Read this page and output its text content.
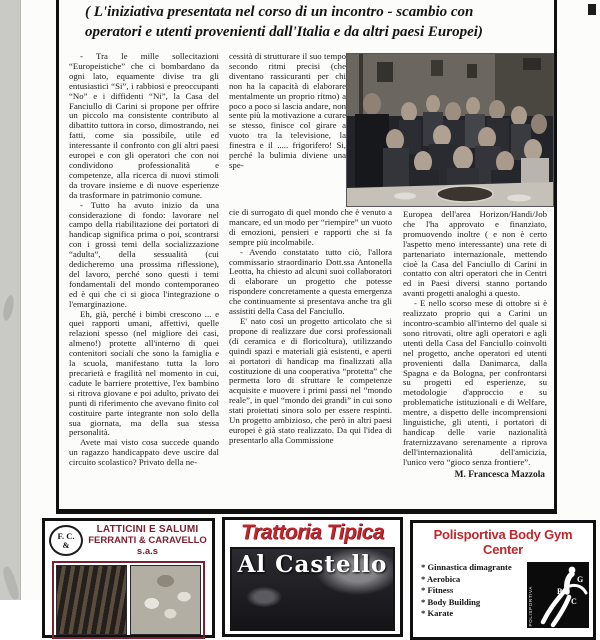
( L'iniziativa presentata nel corso di un incontro - scambio con
operatori e utenti provenienti dall'Italia e da altri paesi Europei)

- Tra le mille sollecitazioni “Europeistiche” che ci bombardano da ogni lato, equamente divise tra gli entusiastici “Si”, i rabbiosi e preoccupanti “No” e i diffidenti “Ni”, la Casa del Fanciullo di Carini si propone per offrire un piccolo ma consistente contributo al dibattito tuttora in corso, dimostrando, nei fatti, come sia possibile, utile ed interessante il confronto con gli altri paesi europei e con gli operatori che con noi condividono professionalità e competenze, alla ricerca di nuovi stimoli da trovare insieme e di nuove esperienze da trasformare in patrimonio comune.

- Tutto ha avuto inizio da una considerazione di fondo: lavorare nel campo della riabilitazione dei portatori di handicap significa prima o poi, scontrarsi con i grossi temi della socializzazione “adulta”, della sessualità (cui dedicheremo una prossima riflessione), del lavoro, perché sono questi i temi fondamentali del mondo contemporaneo ed è qui che ci si gioca l'integrazione o l'emarginazione.

Eh, già, perché i bimbi crescono ... e quei rapporti umani, affettivi, quelle relazioni spesso (nel migliore dei casi, almeno!) protette all'interno di quei contenitori sociali che sono la famiglia e la scuola, manifestano tutta la loro precarietà e fragilità nel momento in cui, cadute le barriere protettive, l'ex bambino si ritrova giovane e poi adulto, privato dei punti di riferimento che avevano finito col costituire parte integrante non solo della sua giornata, ma della sua stessa personalità.

Avete mai visto cosa succede quando un ragazzo handicappato deve uscire dal circuito scolastico? Privato della ne-

cessità di strutturare il suo tempo secondo ritmi precisi (che diventano rassicuranti per chi non ha la capacità di elaborare mentalmente un proprio ritmo) a poco a poco si lascia andare, non sente più la motivazione a curare se stesso, finisce col girare a vuoto tra la televisione, la finestra e il ..... frigorifero! Si, perché la bulimia diviene una spe-

cie di surrogato di quel mondo che è venuto a mancare, ed un modo per “riempire” un vuoto di emozioni, pensieri e rapporti che si fa sempre più incolmabile.

- Avendo constatato tutto ciò, l'allora commissario straordinario Dott.ssa Antonella Leotta, ha chiesto ad alcuni suoi collaboratori di elaborare un progetto che potesse rispondere concretamente a questa emergenza che continuamente si presentava anche tra gli assistiti della Casa del Fanciullo.

E' nato così un progetto articolato che si propone di realizzare due corsi professionali (di ceramica e di floricoltura), utilizzando quindi spazi e materiali già esistenti, e aperti ai portatori di handicap ma finalizzati alla costituzione di una cooperativa “protetta” che permetta loro di sfruttare le competenze acquisite e muovere i primi passi nel “mondo reale”, in quel “mondo dei grandi” in cui sono stati proiettati sinora solo per essere respinti. Un progetto ambizioso, che però in altri paesi europei è già stato realizzato. Da qui l'idea di presentarlo alla Commissione

Europea dell'area Horizon/Handi/Job che l'ha approvato e finanziato, promuovendo inoltre ( e non è certo l'aspetto meno interessante) una rete di partenariato internazionale, mettendo cioè la Casa del Fanciullo di Carini in contatto con altri operatori che in Centri ed in Paesi diversi stanno portando avanti progetti analoghi a questo.

- E nello scorso mese di ottobre si è realizzato proprio qui a Carini un incontro-scambio all'interno del quale si sono ritrovati, oltre agli operatori e agli utenti della Casa del Fanciullo coinvolti nel progetto, anche operatori ed utenti provenienti dalla Danimarca, dalla Spagna e da Bologna, per confrontarsi su progetti ed esperienze, su metodologie d'approccio e su problematiche istituzionali e di Welfare, mentre, a dispetto delle incomprensioni linguistiche, gli utenti, i portatori di handicap delle varie nazionalità fraternizzavano serenamente a riprova dell'internazionalità dell'amicizia, l'unico vero “gioco senza frontiere”.

M. Francesca Mazzola
F. C.
&
LATTICINI E SALUMI
FERRANTI & CARAVELLO s.a.s
Trattoria Tipica
Al Castello
Polisportiva Body Gym Center
* Ginnastica dimagrante
* Aerobica
* Fitness
* Body Building
* Karate	POLISPORTIVA
G
B
C
